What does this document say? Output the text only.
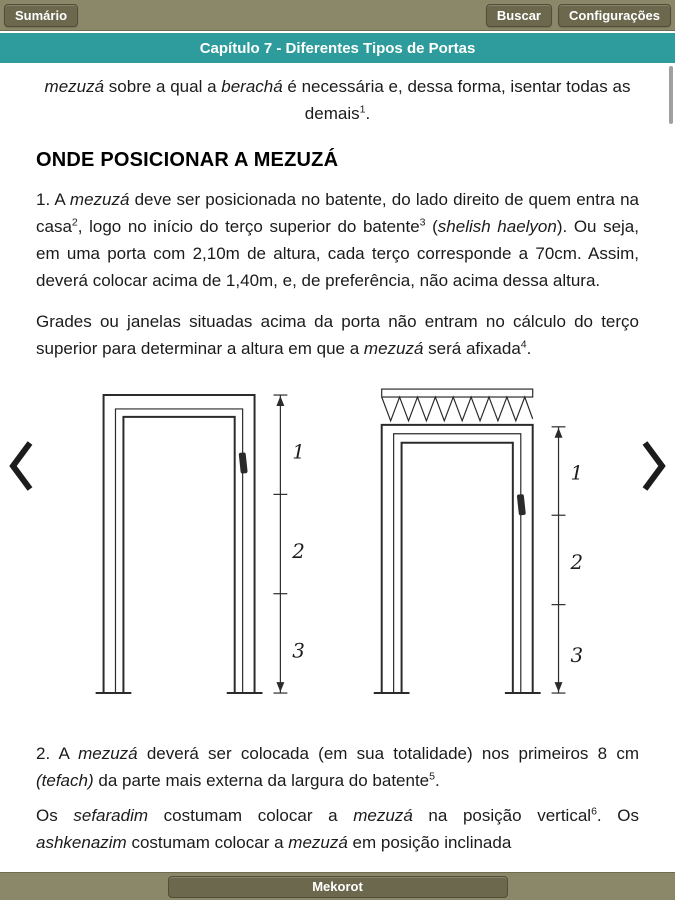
Sumário	Buscar	Configurações
Capítulo 7 - Diferentes Tipos de Portas

mezuzá sobre a qual a berachá é necessária e, dessa forma, isentar todas as demais$^1$.

ONDE POSICIONAR A MEZUZÁ

1. A mezuzá deve ser posicionada no batente, do lado direito de quem entra na casa$^2$, logo no início do terço superior do batente$^3$ (shelish haelyon). Ou seja, em uma porta com 2,10m de altura, cada terço corresponde a 70cm. Assim, deverá colocar acima de 1,40m, e, de preferência, não acima dessa altura.

Grades ou janelas situadas acima da porta não entram no cálculo do terço superior para determinar a altura em que a mezuzá será afixada$^4$.

1
2
3
1
2
3

2. A mezuzá deverá ser colocada (em sua totalidade) nos primeiros 8 cm (tefach) da parte mais externa da largura do batente$^5$.

Os sefaradim costumam colocar a mezuzá na posição vertical$^6$. Os

ashkenazim costumam colocar a mezuzá em posição inclinada

Mekorot
